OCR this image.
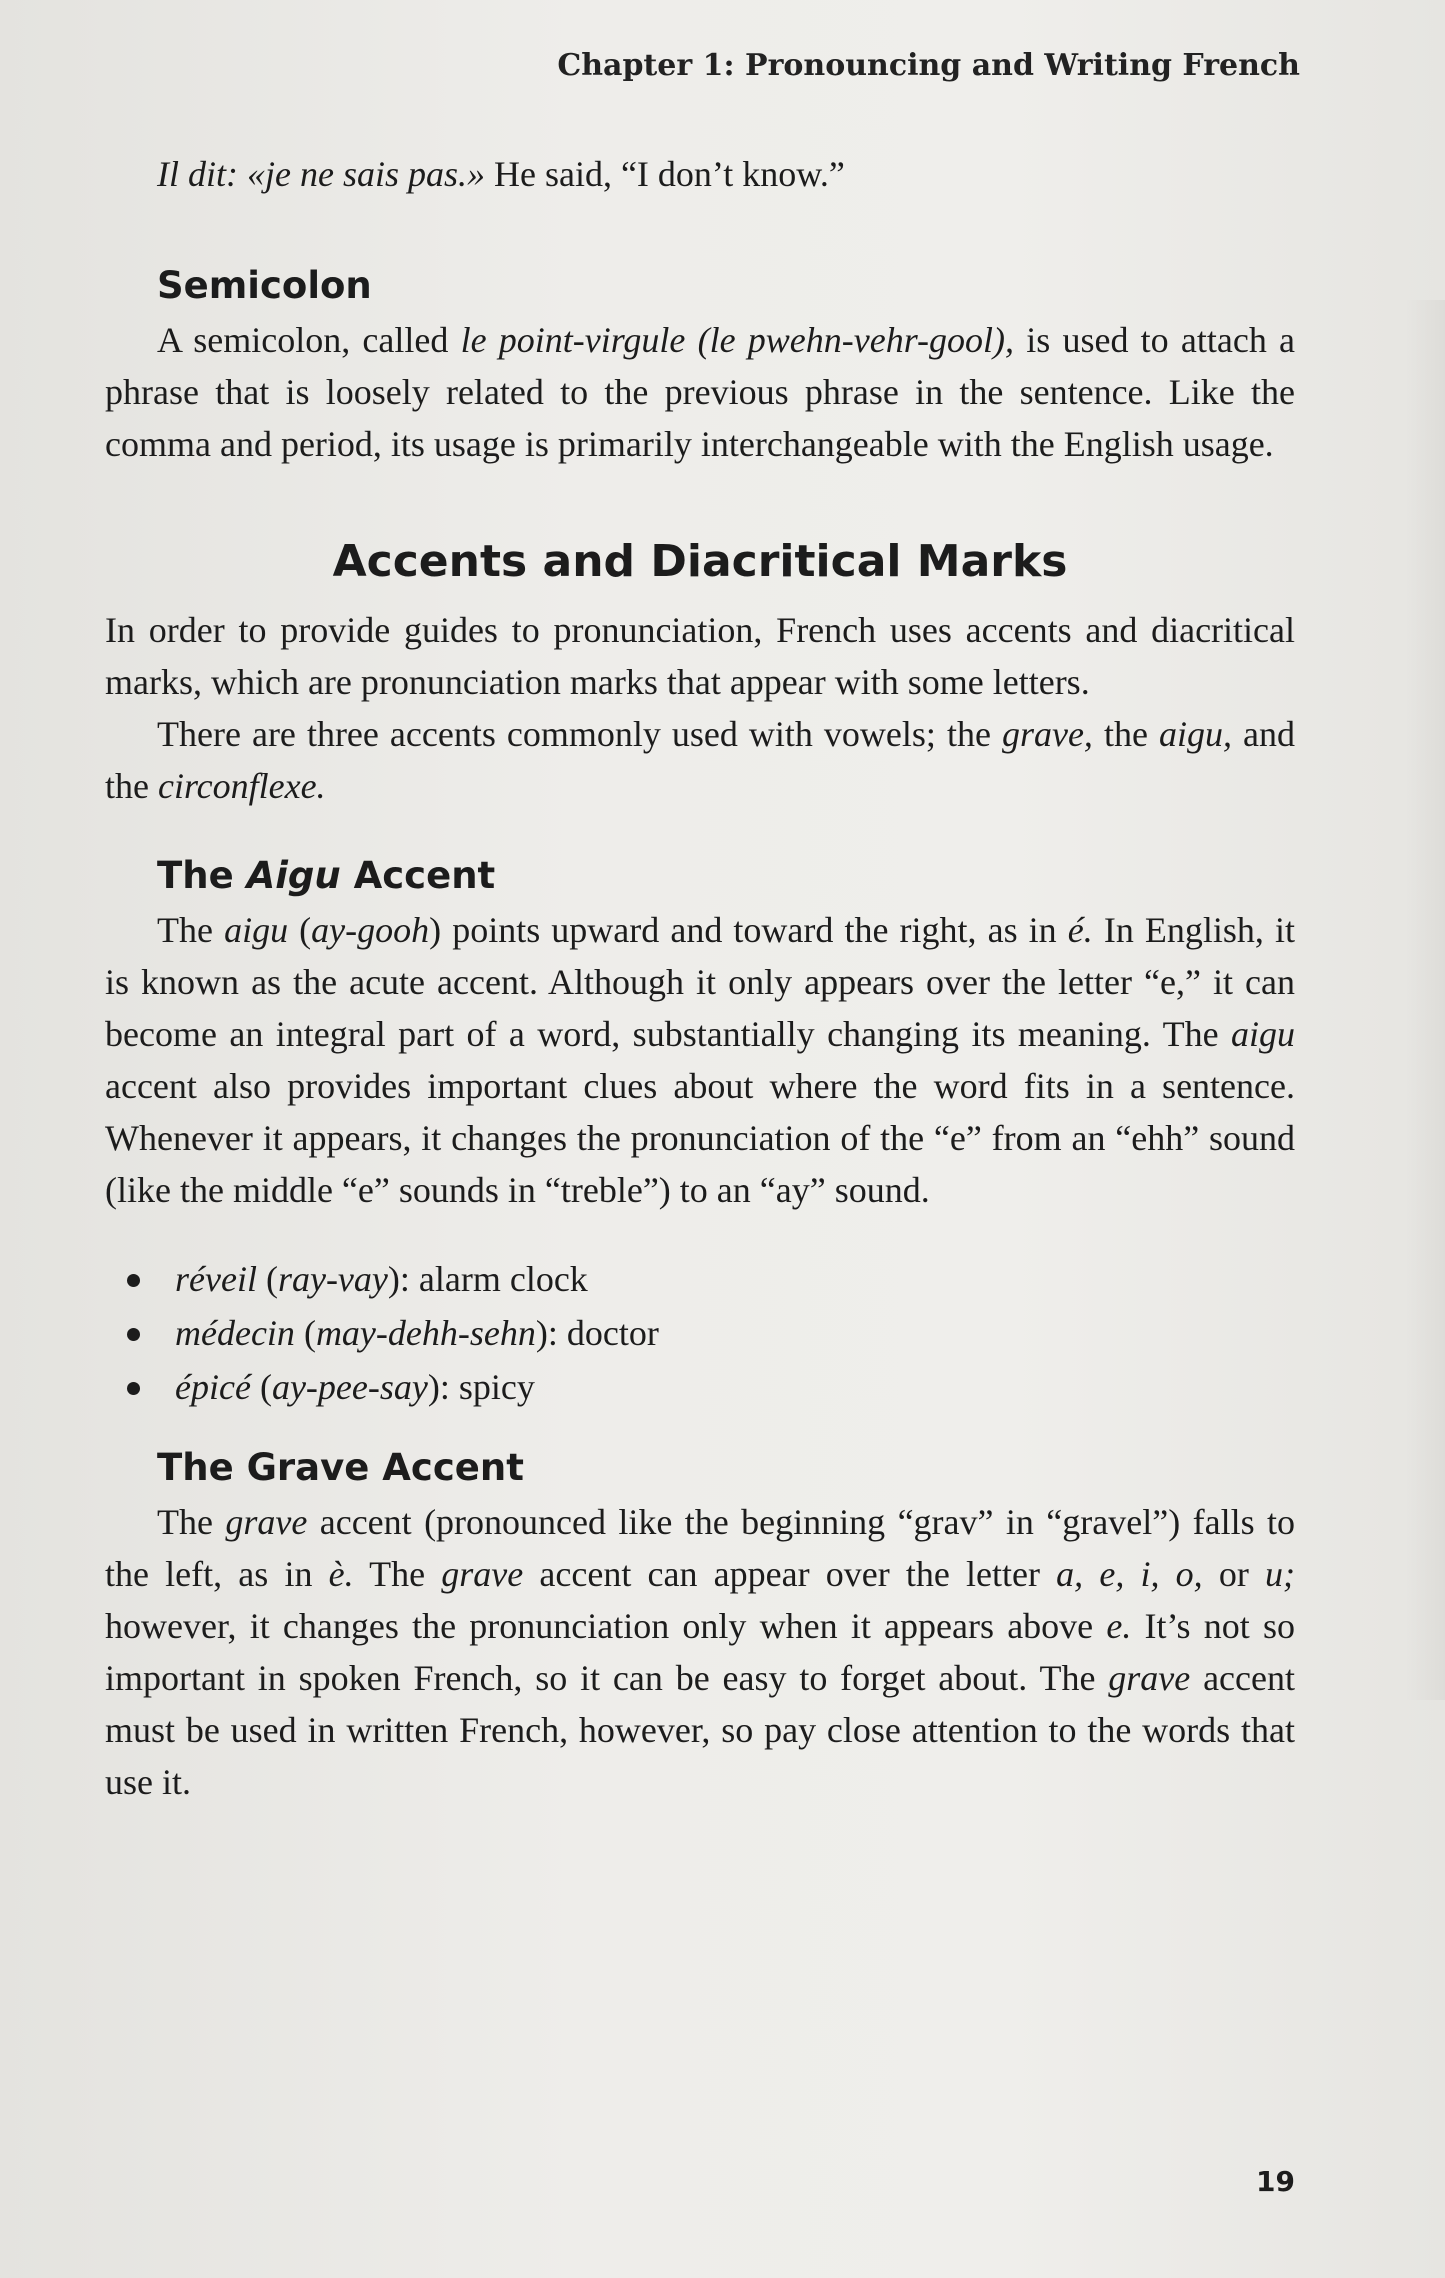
Chapter 1: Pronouncing and Writing French

Il dit: «je ne sais pas.» He said, “I don’t know.”

Semicolon

A semicolon, called le point-virgule (le pwehn-vehr-gool), is used to attach a phrase that is loosely related to the previous phrase in the sentence. Like the comma and period, its usage is primarily interchangeable with the English usage.

Accents and Diacritical Marks

In order to provide guides to pronunciation, French uses accents and diacritical marks, which are pronunciation marks that appear with some letters.

There are three accents commonly used with vowels; the grave, the aigu, and the circonflexe.

The Aigu Accent

The aigu (ay-gooh) points upward and toward the right, as in é. In English, it is known as the acute accent. Although it only appears over the letter “e,” it can become an integral part of a word, substantially changing its meaning. The aigu accent also provides important clues about where the word fits in a sentence. Whenever it appears, it changes the pronunciation of the “e” from an “ehh” sound (like the middle “e” sounds in “treble”) to an “ay” sound.

réveil (ray-vay): alarm clock
médecin (may-dehh-sehn): doctor
épicé (ay-pee-say): spicy
The Grave Accent

The grave accent (pronounced like the beginning “grav” in “gravel”) falls to the left, as in è. The grave accent can appear over the letter a, e, i, o, or u; however, it changes the pronunciation only when it appears above e. It’s not so important in spoken French, so it can be easy to forget about. The grave accent must be used in written French, however, so pay close attention to the words that use it.

19
